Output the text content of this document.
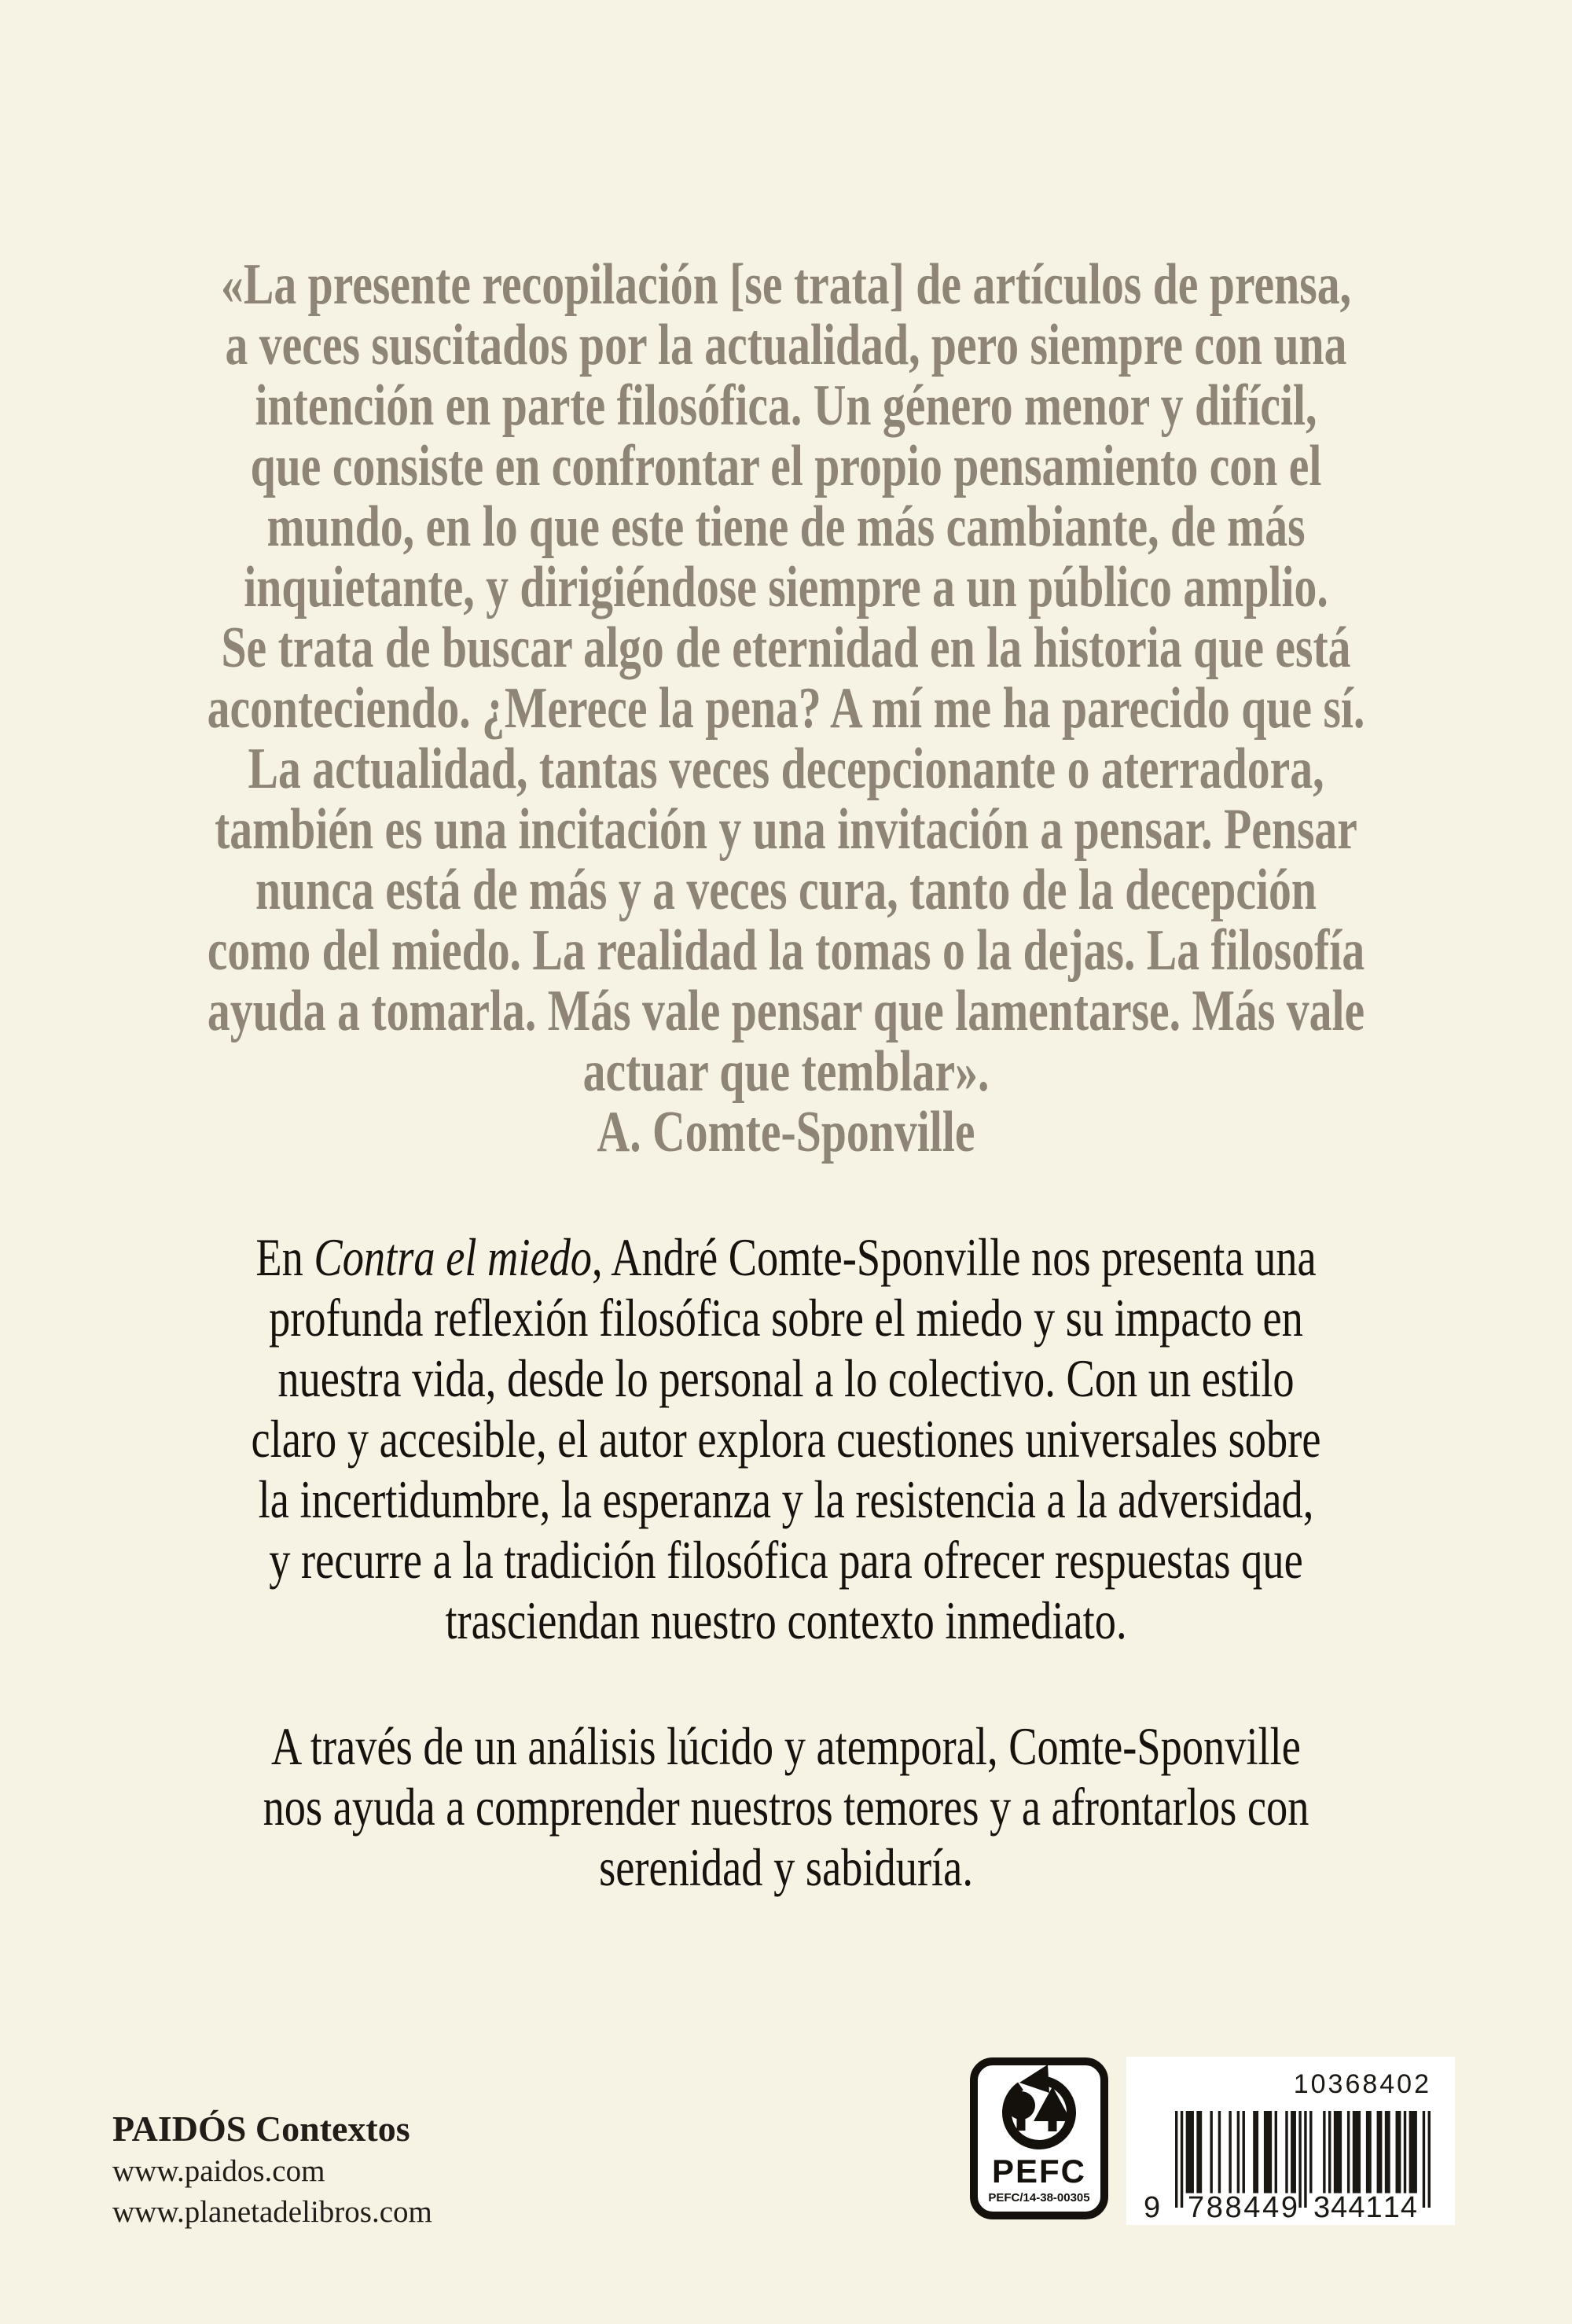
«La presente recopilación [se trata] de artículos de prensa,
a veces suscitados por la actualidad, pero siempre con una
intención en parte filosófica. Un género menor y difícil,
que consiste en confrontar el propio pensamiento con el
mundo, en lo que este tiene de más cambiante, de más
inquietante, y dirigiéndose siempre a un público amplio.
Se trata de buscar algo de eternidad en la historia que está
aconteciendo. ¿Merece la pena? A mí me ha parecido que sí.
La actualidad, tantas veces decepcionante o aterradora,
también es una incitación y una invitación a pensar. Pensar
nunca está de más y a veces cura, tanto de la decepción
como del miedo. La realidad la tomas o la dejas. La filosofía
ayuda a tomarla. Más vale pensar que lamentarse. Más vale
actuar que temblar».
A. Comte-Sponville
En Contra el miedo, André Comte-Sponville nos presenta una
profunda reflexión filosófica sobre el miedo y su impacto en
nuestra vida, desde lo personal a lo colectivo. Con un estilo
claro y accesible, el autor explora cuestiones universales sobre
la incertidumbre, la esperanza y la resistencia a la adversidad,
y recurre a la tradición filosófica para ofrecer respuestas que
trasciendan nuestro contexto inmediato.
A través de un análisis lúcido y atemporal, Comte-Sponville
nos ayuda a comprender nuestros temores y a afrontarlos con
serenidad y sabiduría.
PAIDÓS Contextos
www.paidos.com
www.planetadelibros.com
PEFC
PEFC/14-38-00305
10368402
9 7 8 8 4 4 9 3 4 4 1 1 4
